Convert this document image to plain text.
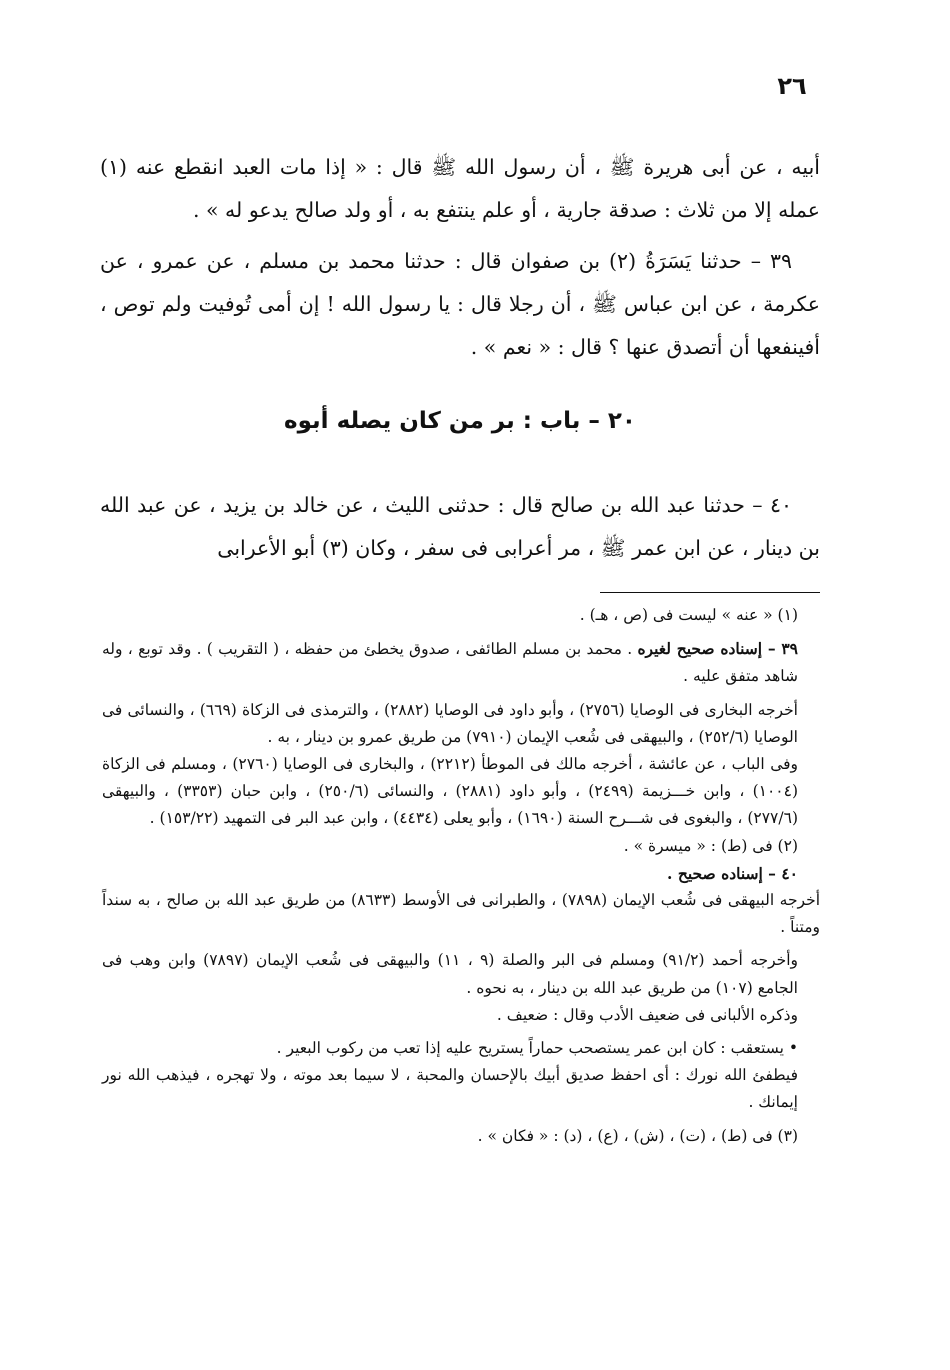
٢٦

أبيه ، عن أبى هريرة ﷺ ، أن رسول الله ﷺ قال : « إذا مات العبد انقطع عنه (١) عمله إلا من ثلاث : صدقة جارية ، أو علم ينتفع به ، أو ولد صالح يدعو له » .

٣٩ – حدثنا يَسَرَةُ (٢) بن صفوان قال : حدثنا محمد بن مسلم ، عن عمرو ، عن عكرمة ، عن ابن عباس ﷺ ، أن رجلا قال : يا رسول الله ! إن أمى تُوفيت ولم توص ، أفينفعها أن أتصدق عنها ؟ قال : « نعم » .

٢٠ – باب : بر من كان يصله أبوه

٤٠ – حدثنا عبد الله بن صالح قال : حدثنى الليث ، عن خالد بن يزيد ، عن عبد الله بن دينار ، عن ابن عمر ﷺ ، مر أعرابى فى سفر ، وكان (٣) أبو الأعرابى

(١) « عنه » ليست فى (ص ، هـ) .

٣٩ – إسناده صحيح لغيره . محمد بن مسلم الطائفى ، صدوق يخطئ من حفظه ، ( التقريب ) . وقد توبع ، وله شاهد متفق عليه .

أخرجه البخارى فى الوصايا (٢٧٥٦) ، وأبو داود فى الوصايا (٢٨٨٢) ، والترمذى فى الزكاة (٦٦٩) ، والنسائى فى الوصايا (٢٥٢/٦) ، والبيهقى فى شُعب الإيمان (٧٩١٠) من طريق عمرو بن دينار ، به .

وفى الباب ، عن عائشة ، أخرجه مالك فى الموطأ (٢٢١٢) ، والبخارى فى الوصايا (٢٧٦٠) ، ومسلم فى الزكاة (١٠٠٤) ، وابن خـــزيمة (٢٤٩٩) ، وأبو داود (٢٨٨١) ، والنسائى (٢٥٠/٦) ، وابن حبان (٣٣٥٣) ، والبيهقى (٢٧٧/٦) ، والبغوى فى شـــرح السنة (١٦٩٠) ، وأبو يعلى (٤٤٣٤) ، وابن عبد البر فى التمهيد (١٥٣/٢٢) .

(٢) فى (ط) : « ميسرة » .

٤٠ – إسناده صحيح .

أخرجه البيهقى فى شُعب الإيمان (٧٨٩٨) ، والطبرانى فى الأوسط (٨٦٣٣) من طريق عبد الله بن صالح ، به سنداً ومتناً .

وأخرجه أحمد (٩١/٢) ومسلم فى البر والصلة (٩ ، ١١) والبيهقى فى شُعب الإيمان (٧٨٩٧) وابن وهب فى الجامع (١٠٧) من طريق عبد الله بن دينار ، به نحوه .

وذكره الألبانى فى ضعيف الأدب وقال : ضعيف .

• يستعقب : كان ابن عمر يستصحب حماراً يستريح عليه إذا تعب من ركوب البعير .

فيطفئ الله نورك : أى احفظ صديق أبيك بالإحسان والمحبة ، لا سيما بعد موته ، ولا تهجره ، فيذهب الله نور إيمانك .

(٣) فى (ط) ، (ت) ، (ش) ، (ع) ، (د) : « فكان » .
